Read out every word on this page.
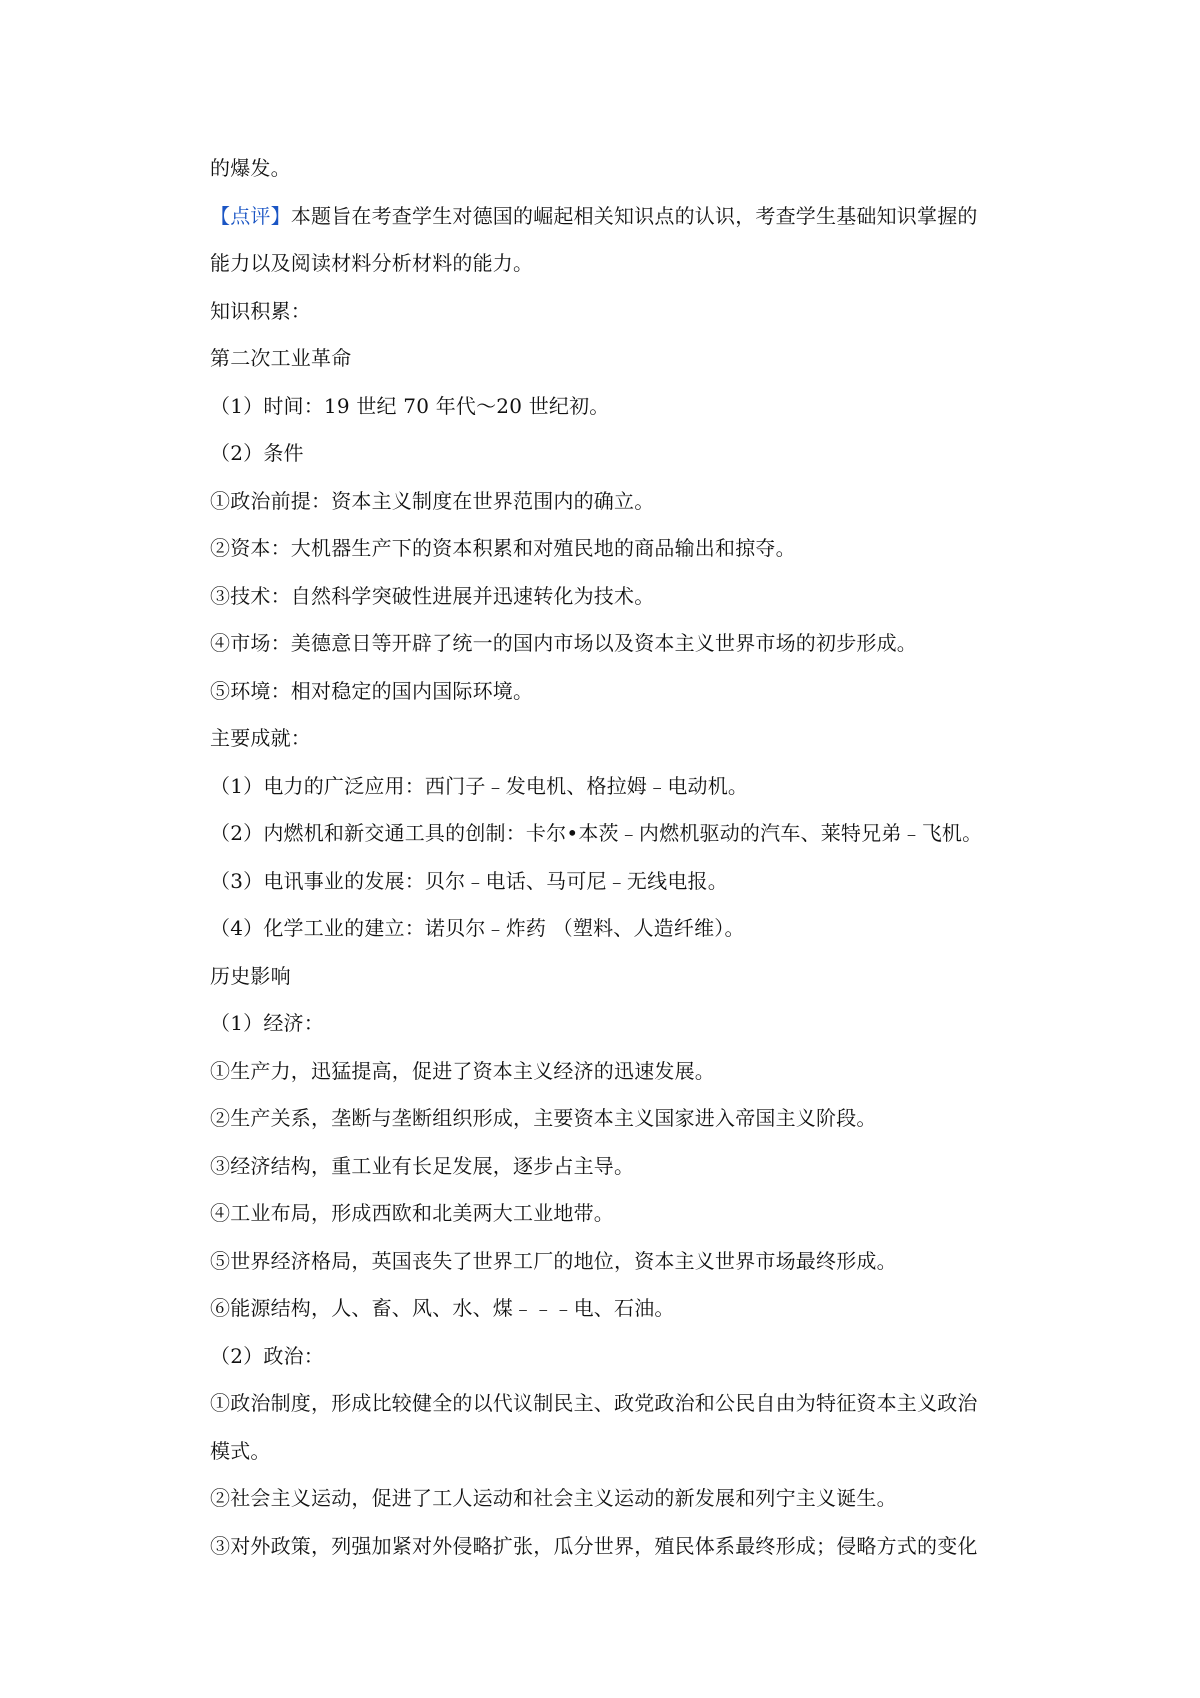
的爆发。
【点评】本题旨在考查学生对德国的崛起相关知识点的认识，考查学生基础知识掌握的
能力以及阅读材料分析材料的能力。
知识积累：
第二次工业革命
（1）时间：19 世纪 70 年代～20 世纪初。
（2）条件
①政治前提：资本主义制度在世界范围内的确立。
②资本：大机器生产下的资本积累和对殖民地的商品输出和掠夺。
③技术：自然科学突破性进展并迅速转化为技术。
④市场：美德意日等开辟了统一的国内市场以及资本主义世界市场的初步形成。
⑤环境：相对稳定的国内国际环境。
主要成就：
（1）电力的广泛应用：西门子﹣发电机、格拉姆﹣电动机。
（2）内燃机和新交通工具的创制：卡尔•本茨﹣内燃机驱动的汽车、莱特兄弟﹣飞机。
（3）电讯事业的发展：贝尔﹣电话、马可尼﹣无线电报。
（4）化学工业的建立：诺贝尔﹣炸药 （塑料、人造纤维）。
历史影响
（1）经济：
①生产力，迅猛提高，促进了资本主义经济的迅速发展。
②生产关系，垄断与垄断组织形成，主要资本主义国家进入帝国主义阶段。
③经济结构，重工业有长足发展，逐步占主导。
④工业布局，形成西欧和北美两大工业地带。
⑤世界经济格局，英国丧失了世界工厂的地位，资本主义世界市场最终形成。
⑥能源结构，人、畜、风、水、煤﹣﹣﹣电、石油。
（2）政治：
①政治制度，形成比较健全的以代议制民主、政党政治和公民自由为特征资本主义政治
模式。
②社会主义运动，促进了工人运动和社会主义运动的新发展和列宁主义诞生。
③对外政策，列强加紧对外侵略扩张，瓜分世界，殖民体系最终形成；侵略方式的变化
